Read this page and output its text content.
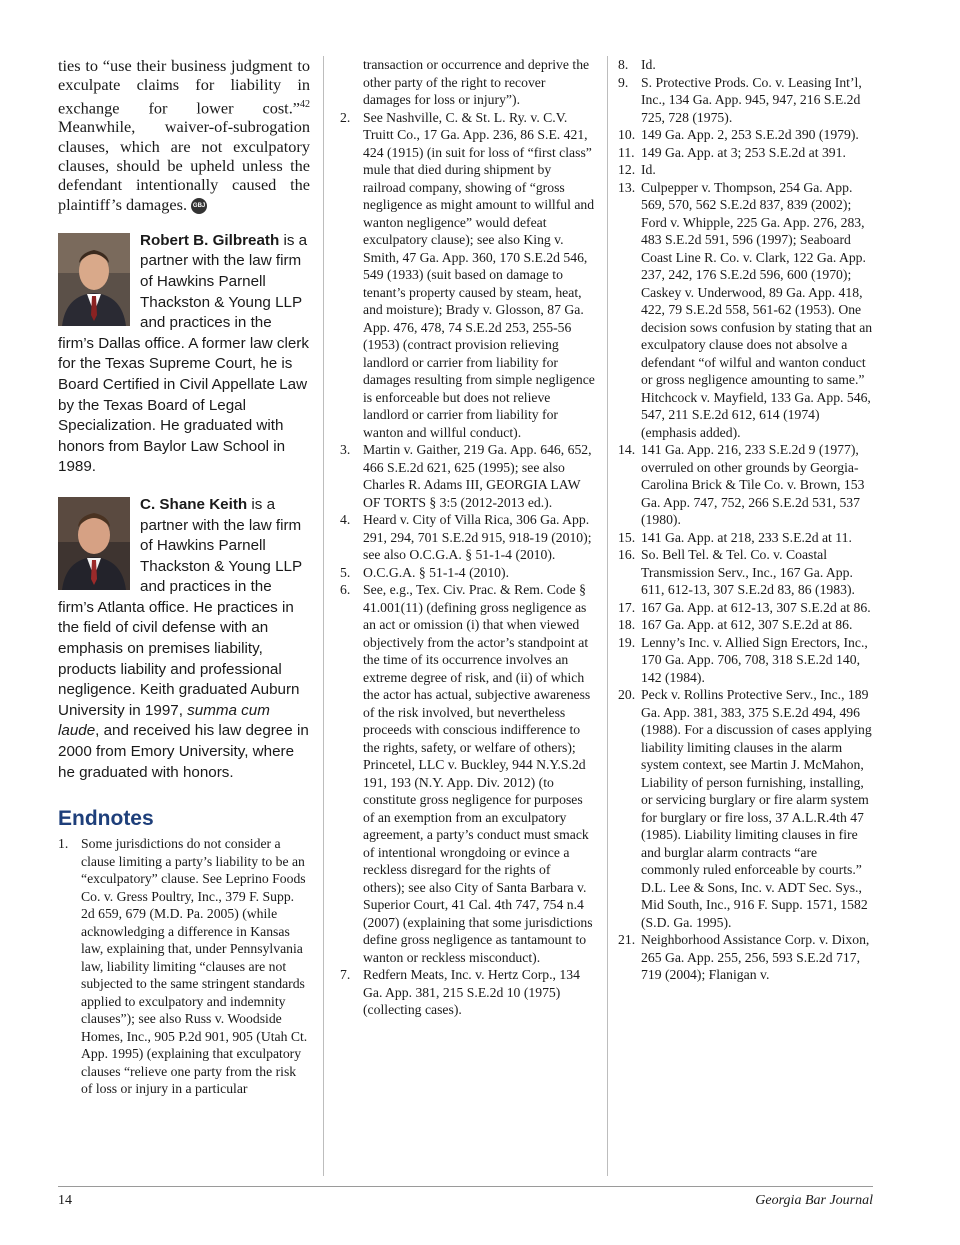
ties to “use their business judgment to exculpate claims for liability in exchange for lower cost.”$^{42}$ Meanwhile, waiver-of-subrogation clauses, which are not exculpatory clauses, should be upheld unless the defendant intentionally caused the plaintiff’s damages. GBJ

Robert B. Gilbreath is a partner with the law firm of Hawkins Parnell Thackston & Young LLP and practices in the firm’s Dallas office. A former law clerk for the Texas Supreme Court, he is Board Certified in Civil Appellate Law by the Texas Board of Legal Specialization. He graduated with honors from Baylor Law School in 1989.

C. Shane Keith is a partner with the law firm of Hawkins Parnell Thackston & Young LLP and practices in the firm’s Atlanta office. He practices in the field of civil defense with an emphasis on premises liability, products liability and professional negligence. Keith graduated Auburn University in 1997, summa cum laude, and received his law degree in 2000 from Emory University, where he graduated with honors.

Endnotes
1. Some jurisdictions do not consider a clause limiting a party’s liability to be an “exculpatory” clause. See Leprino Foods Co. v. Gress Poultry, Inc., 379 F. Supp. 2d 659, 679 (M.D. Pa. 2005) (while acknowledging a difference in Kansas law, explaining that, under Pennsylvania law, liability limiting “clauses are not subjected to the same stringent standards applied to exculpatory and indemnity clauses”); see also Russ v. Woodside Homes, Inc., 905 P.2d 901, 905 (Utah Ct. App. 1995) (explaining that exculpatory clauses “relieve one party from the risk of loss or injury in a particular
transaction or occurrence and deprive the other party of the right to recover damages for loss or injury”).
2. See Nashville, C. & St. L. Ry. v. C.V. Truitt Co., 17 Ga. App. 236, 86 S.E. 421, 424 (1915) (in suit for loss of “first class” mule that died during shipment by railroad company, showing of “gross negligence as might amount to willful and wanton negligence” would defeat exculpatory clause); see also King v. Smith, 47 Ga. App. 360, 170 S.E.2d 546, 549 (1933) (suit based on damage to tenant’s property caused by steam, heat, and moisture); Brady v. Glosson, 87 Ga. App. 476, 478, 74 S.E.2d 253, 255-56 (1953) (contract provision relieving landlord or carrier from liability for damages resulting from simple negligence is enforceable but does not relieve landlord or carrier from liability for wanton and willful conduct).
3. Martin v. Gaither, 219 Ga. App. 646, 652, 466 S.E.2d 621, 625 (1995); see also Charles R. Adams III, GEORGIA LAW OF TORTS § 3:5 (2012-2013 ed.).
4. Heard v. City of Villa Rica, 306 Ga. App. 291, 294, 701 S.E.2d 915, 918-19 (2010); see also O.C.G.A. § 51-1-4 (2010).
5. O.C.G.A. § 51-1-4 (2010).
6. See, e.g., Tex. Civ. Prac. & Rem. Code § 41.001(11) (defining gross negligence as an act or omission (i) that when viewed objectively from the actor’s standpoint at the time of its occurrence involves an extreme degree of risk, and (ii) of which the actor has actual, subjective awareness of the risk involved, but nevertheless proceeds with conscious indifference to the rights, safety, or welfare of others); Princetel, LLC v. Buckley, 944 N.Y.S.2d 191, 193 (N.Y. App. Div. 2012) (to constitute gross negligence for purposes of an exemption from an exculpatory agreement, a party’s conduct must smack of intentional wrongdoing or evince a reckless disregard for the rights of others); see also City of Santa Barbara v. Superior Court, 41 Cal. 4th 747, 754 n.4 (2007) (explaining that some jurisdictions define gross negligence as tantamount to wanton or reckless misconduct).
7. Redfern Meats, Inc. v. Hertz Corp., 134 Ga. App. 381, 215 S.E.2d 10 (1975) (collecting cases).
8. Id.
9. S. Protective Prods. Co. v. Leasing Int’l, Inc., 134 Ga. App. 945, 947, 216 S.E.2d 725, 728 (1975).
10. 149 Ga. App. 2, 253 S.E.2d 390 (1979).
11. 149 Ga. App. at 3; 253 S.E.2d at 391.
12. Id.
13. Culpepper v. Thompson, 254 Ga. App. 569, 570, 562 S.E.2d 837, 839 (2002); Ford v. Whipple, 225 Ga. App. 276, 283, 483 S.E.2d 591, 596 (1997); Seaboard Coast Line R. Co. v. Clark, 122 Ga. App. 237, 242, 176 S.E.2d 596, 600 (1970); Caskey v. Underwood, 89 Ga. App. 418, 422, 79 S.E.2d 558, 561-62 (1953). One decision sows confusion by stating that an exculpatory clause does not absolve a defendant “of wilful and wanton conduct or gross negligence amounting to same.” Hitchcock v. Mayfield, 133 Ga. App. 546, 547, 211 S.E.2d 612, 614 (1974) (emphasis added).
14. 141 Ga. App. 216, 233 S.E.2d 9 (1977), overruled on other grounds by Georgia-Carolina Brick & Tile Co. v. Brown, 153 Ga. App. 747, 752, 266 S.E.2d 531, 537 (1980).
15. 141 Ga. App. at 218, 233 S.E.2d at 11.
16. So. Bell Tel. & Tel. Co. v. Coastal Transmission Serv., Inc., 167 Ga. App. 611, 612-13, 307 S.E.2d 83, 86 (1983).
17. 167 Ga. App. at 612-13, 307 S.E.2d at 86.
18. 167 Ga. App. at 612, 307 S.E.2d at 86.
19. Lenny’s Inc. v. Allied Sign Erectors, Inc., 170 Ga. App. 706, 708, 318 S.E.2d 140, 142 (1984).
20. Peck v. Rollins Protective Serv., Inc., 189 Ga. App. 381, 383, 375 S.E.2d 494, 496 (1988). For a discussion of cases applying liability limiting clauses in the alarm system context, see Martin J. McMahon, Liability of person furnishing, installing, or servicing burglary or fire alarm system for burglary or fire loss, 37 A.L.R.4th 47 (1985). Liability limiting clauses in fire and burglar alarm contracts “are commonly ruled enforceable by courts.” D.L. Lee & Sons, Inc. v. ADT Sec. Sys., Mid South, Inc., 916 F. Supp. 1571, 1582 (S.D. Ga. 1995).
21. Neighborhood Assistance Corp. v. Dixon, 265 Ga. App. 255, 256, 593 S.E.2d 717, 719 (2004); Flanigan v.
14	Georgia Bar Journal
